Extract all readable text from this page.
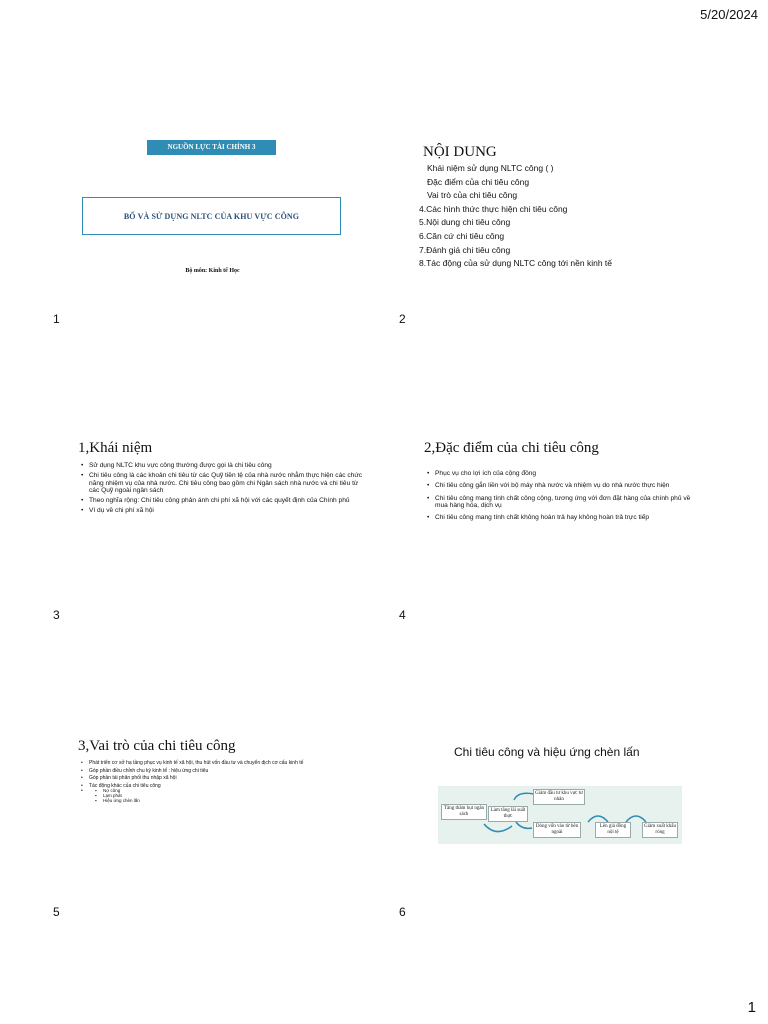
5/20/2024
NGUỒN LỰC TÀI CHÍNH 3
BỐ VÀ SỬ DỤNG NLTC CỦA KHU VỰC CÔNG
Bộ môn: Kinh tế Học
1
NỘI DUNG
Khái niệm sử dụng NLTC công ( )
Đặc điểm của chi tiêu công
Vai trò của chi tiêu công
4.Các hình thức thực hiện chi tiêu công
5.Nội dung chi tiêu công
6.Căn cứ chi tiêu công
7.Đánh giá chi tiêu công
8.Tác động của sử dụng NLTC công tới nền kinh tế
2
1,Khái niệm
• Sử dụng NLTC khu vực công thường được gọi là chi tiêu công
• Chi tiêu công là các khoản chi tiêu từ các Quỹ tiền tệ của nhà nước nhằm thực hiện các chức năng nhiệm vụ của nhà nước. Chi tiêu công bao gồm chi Ngân sách nhà nước và chi tiêu từ các Quỹ ngoài ngân sách
• Theo nghĩa rộng: Chi tiêu công phản ánh chi phí xã hội với các quyết định của Chính phủ
• Ví dụ về chi phí xã hội
3
2,Đặc điểm của chi tiêu công
• Phục vụ cho lợi ích của cộng đồng
• Chi tiêu công gắn liền với bộ máy nhà nước và nhiệm vụ do nhà nước thực hiện
• Chi tiêu công mang tính chất công cộng, tương ứng với đơn đặt hàng của chính phủ về mua hàng hóa, dịch vụ
• Chi tiêu công mang tính chất không hoàn trả hay không hoàn trả trực tiếp
4
3,Vai trò của chi tiêu công
• Phát triển cơ sở hạ tầng phục vụ kinh tế xã hội, thu hút vốn đầu tư và chuyển dịch cơ cấu kinh tế
• Góp phần điều chỉnh chu kỳ kinh tế : hiệu ứng chi tiêu
• Góp phần tái phân phối thu nhập xã hội
• Tác động khác của chi tiêu công
▪ • Nợ công
▪ Lạm phát
▪ Hiệu ứng chèn lấn
5
Chi tiêu công và hiệu ứng chèn lấn
Tăng thâm hụt ngân sách
Làm tăng lãi suất thực
Giảm đầu tư khu vực tư nhân
Dòng vốn vào từ bên ngoài
Lên giá đồng nội tệ
Giảm xuất khẩu ròng
6
1
